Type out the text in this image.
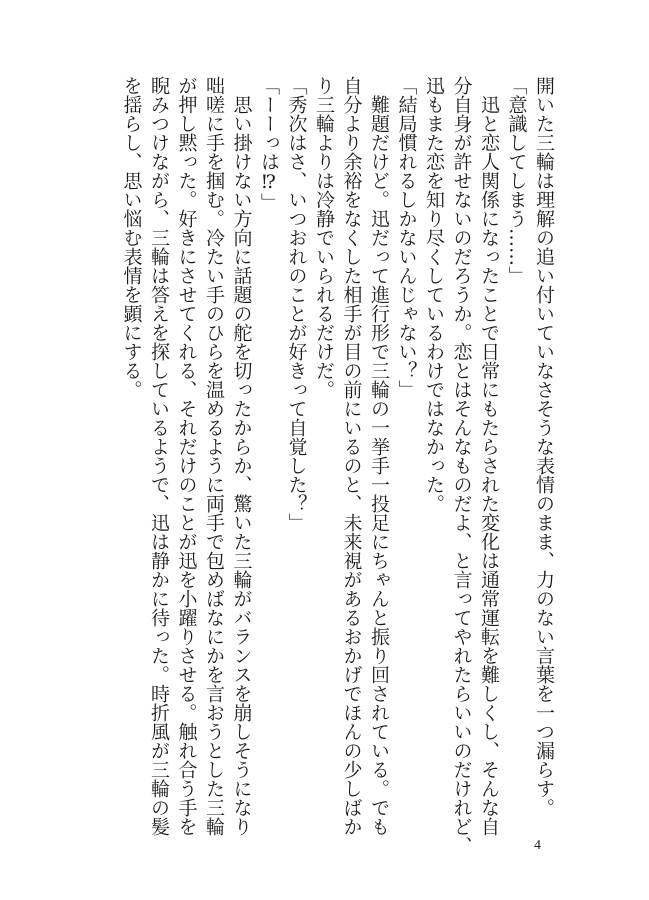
開いた三輪は理解の追い付いていなさそうな表情のまま、力のない言葉を一つ漏らす。

「意識してしまう……」

　迅と恋人関係になったことで日常にもたらされた変化は通常運転を難しくし、そんな自

分自身が許せないのだろうか。恋とはそんなものだよ、と言ってやれたらいいのだけれど、

迅もまた恋を知り尽くしているわけではなかった。

「結局慣れるしかないんじゃない？」

　難題だけど。迅だって進行形で三輪の一挙手一投足にちゃんと振り回されている。でも

自分より余裕をなくした相手が目の前にいるのと、未来視があるおかげでほんの少しばか

り三輪よりは冷静でいられるだけだ。

「秀次はさ、いつおれのことが好きって自覚した？」

「ーーっは⁉」

　思い掛けない方向に話題の舵を切ったからか、驚いた三輪がバランスを崩しそうになり

咄嗟に手を掴む。冷たい手のひらを温めるように両手で包めばなにかを言おうとした三輪

が押し黙った。好きにさせてくれる、それだけのことが迅を小躍りさせる。触れ合う手を

睨みつけながら、三輪は答えを探しているようで、迅は静かに待った。時折風が三輪の髪

を揺らし、思い悩む表情を顕にする。

4
